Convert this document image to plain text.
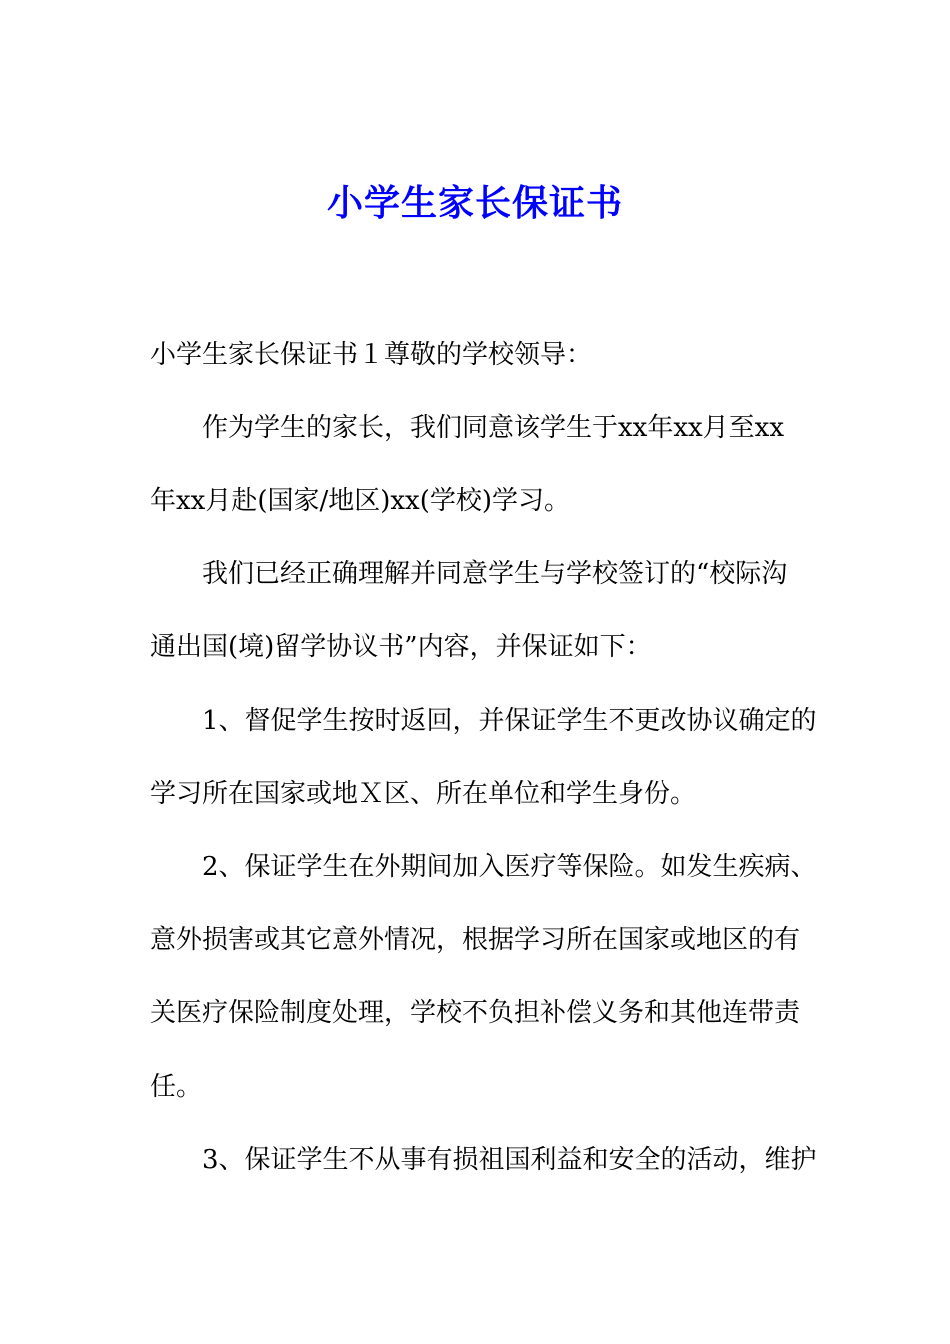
小学生家长保证书
小学生家长保证书１尊敬的学校领导：
作为学生的家长，我们同意该学生于xx年xx月至xx
年xx月赴(国家/地区)xx(学校)学习。
我们已经正确理解并同意学生与学校签订的“校际沟
通出国(境)留学协议书”内容，并保证如下：
1、督促学生按时返回，并保证学生不更改协议确定的
学习所在国家或地Ｘ区、所在单位和学生身份。
2、保证学生在外期间加入医疗等保险。如发生疾病、
意外损害或其它意外情况，根据学习所在国家或地区的有
关医疗保险制度处理，学校不负担补偿义务和其他连带责
任。
3、保证学生不从事有损祖国利益和安全的活动，维护
